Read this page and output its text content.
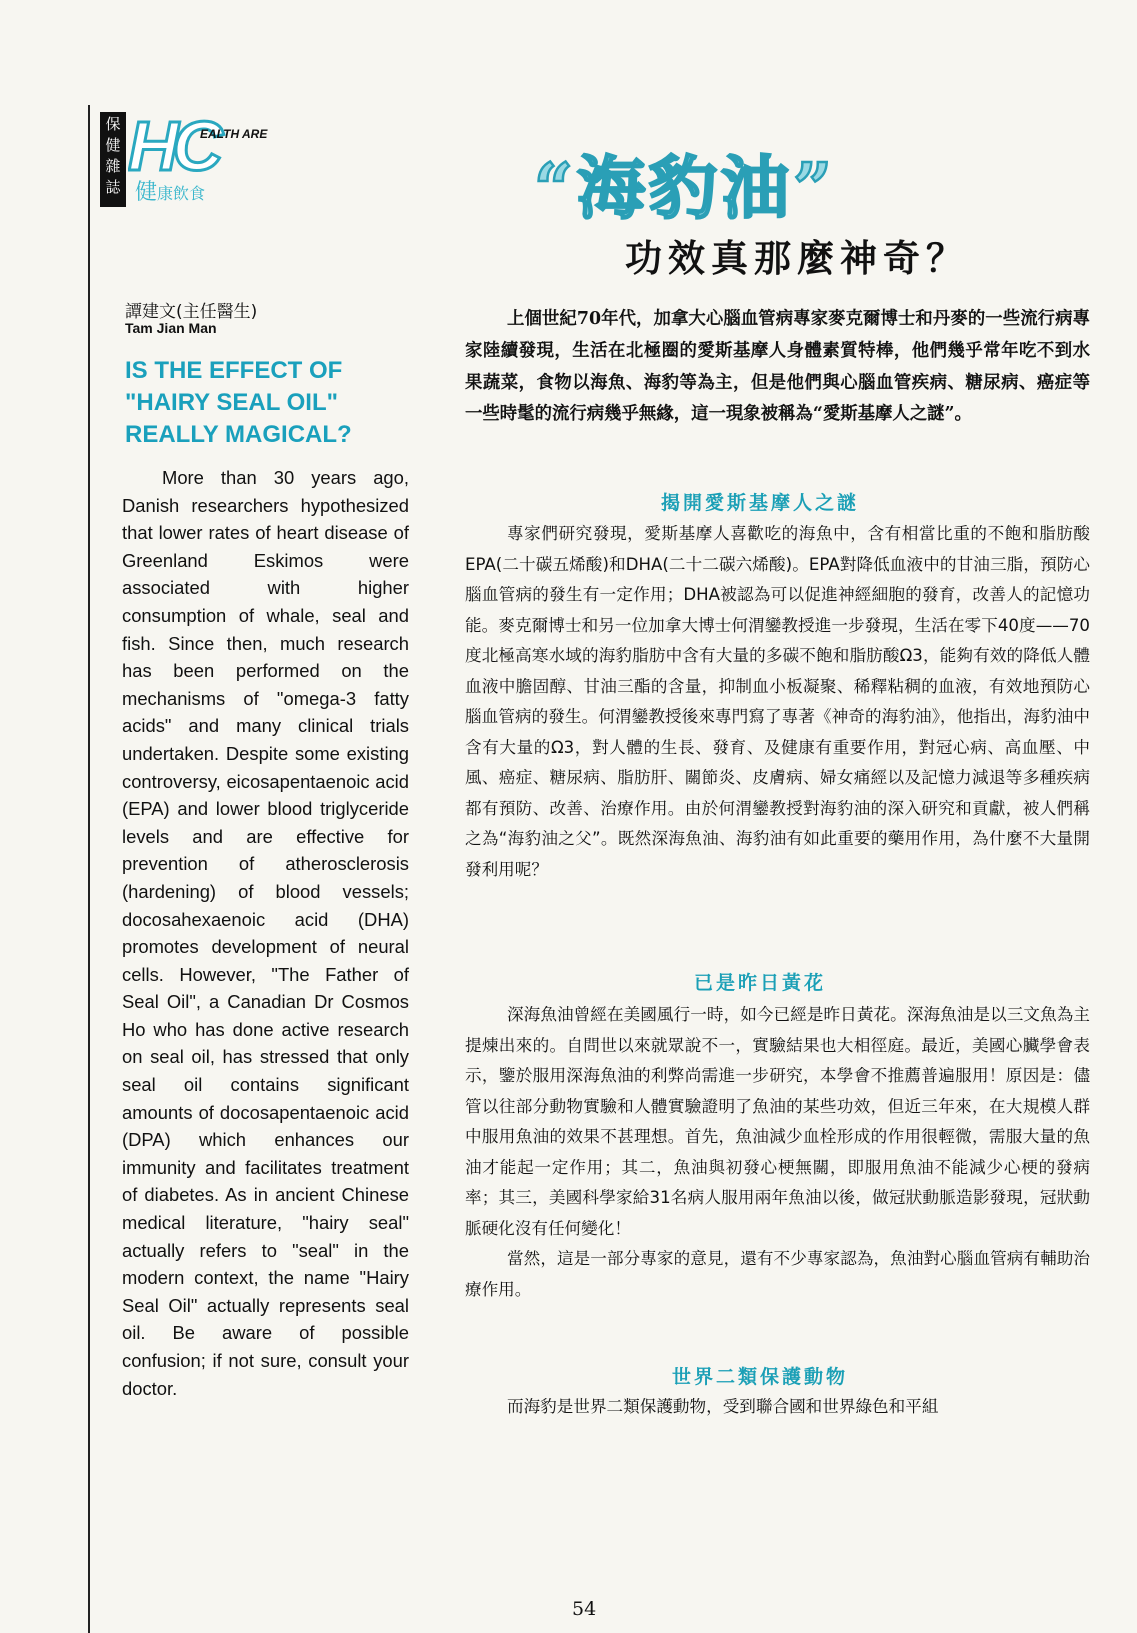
保健雜誌
HC
EALTH ARE
健康飲食	“海豹油”
功效真那麼神奇？
譚建文(主任醫生)
Tam Jian Man
IS THE EFFECT OF "HAIRY SEAL OIL" REALLY MAGICAL?

More than 30 years ago, Danish researchers hypothesized that lower rates of heart disease of Greenland Eskimos were associated with higher consumption of whale, seal and fish. Since then, much research has been performed on the mechanisms of "omega-3 fatty acids" and many clinical trials undertaken. Despite some existing controversy, eicosapentaenoic acid (EPA) and lower blood triglyceride levels and are effective for prevention of atherosclerosis (hardening) of blood vessels; docosahexaenoic acid (DHA) promotes development of neural cells. However, "The Father of Seal Oil", a Canadian Dr Cosmos Ho who has done active research on seal oil, has stressed that only seal oil contains significant amounts of docosapentaenoic acid (DPA) which enhances our immunity and facilitates treatment of diabetes. As in ancient Chinese medical literature, "hairy seal" actually refers to "seal" in the modern context, the name "Hairy Seal Oil" actually represents seal oil. Be aware of possible confusion; if not sure, consult your doctor.

上個世紀70年代，加拿大心腦血管病專家麥克爾博士和丹麥的一些流行病專家陸續發現，生活在北極圈的愛斯基摩人身體素質特棒，他們幾乎常年吃不到水果蔬菜，食物以海魚、海豹等為主，但是他們與心腦血管疾病、糖尿病、癌症等一些時髦的流行病幾乎無緣，這一現象被稱為“愛斯基摩人之謎”。

揭開愛斯基摩人之謎

專家們研究發現，愛斯基摩人喜歡吃的海魚中，含有相當比重的不飽和脂肪酸EPA(二十碳五烯酸)和DHA(二十二碳六烯酸)。EPA對降低血液中的甘油三脂，預防心腦血管病的發生有一定作用；DHA被認為可以促進神經細胞的發育，改善人的記憶功能。麥克爾博士和另一位加拿大博士何渭鑾教授進一步發現，生活在零下40度——70度北極高寒水域的海豹脂肪中含有大量的多碳不飽和脂肪酸Ω3，能夠有效的降低人體血液中膽固醇、甘油三酯的含量，抑制血小板凝聚、稀釋粘稠的血液，有效地預防心腦血管病的發生。何渭鑾教授後來專門寫了專著《神奇的海豹油》，他指出，海豹油中含有大量的Ω3，對人體的生長、發育、及健康有重要作用，對冠心病、高血壓、中風、癌症、糖尿病、脂肪肝、關節炎、皮膚病、婦女痛經以及記憶力減退等多種疾病都有預防、改善、治療作用。由於何渭鑾教授對海豹油的深入研究和貢獻，被人們稱之為“海豹油之父”。既然深海魚油、海豹油有如此重要的藥用作用，為什麼不大量開發利用呢？

已是昨日黃花

深海魚油曾經在美國風行一時，如今已經是昨日黃花。深海魚油是以三文魚為主提煉出來的。自問世以來就眾說不一，實驗結果也大相徑庭。最近，美國心臟學會表示，鑒於服用深海魚油的利弊尚需進一步研究，本學會不推薦普遍服用！原因是：儘管以往部分動物實驗和人體實驗證明了魚油的某些功效，但近三年來，在大規模人群中服用魚油的效果不甚理想。首先，魚油減少血栓形成的作用很輕微，需服大量的魚油才能起一定作用；其二，魚油與初發心梗無關，即服用魚油不能減少心梗的發病率；其三，美國科學家給31名病人服用兩年魚油以後，做冠狀動脈造影發現，冠狀動脈硬化沒有任何變化！

當然，這是一部分專家的意見，還有不少專家認為，魚油對心腦血管病有輔助治療作用。

世界二類保護動物

而海豹是世界二類保護動物，受到聯合國和世界綠色和平組

54
